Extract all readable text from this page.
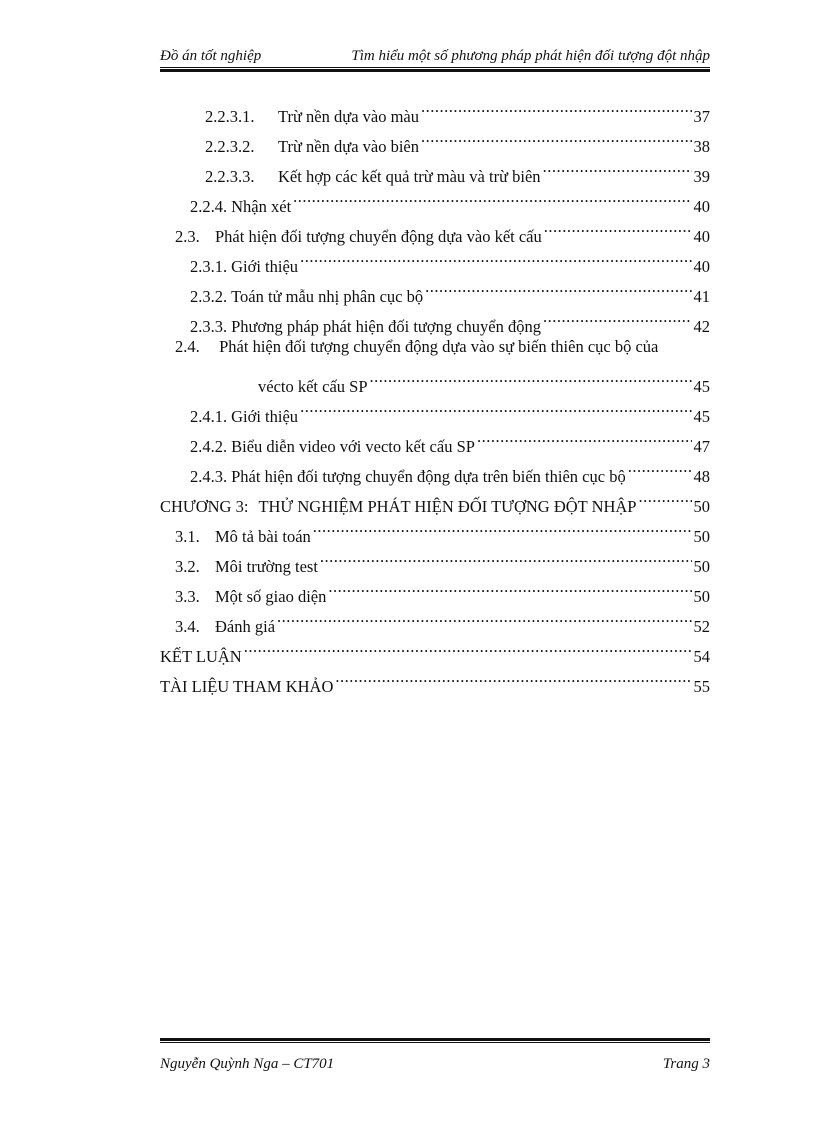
Đồ án tốt nghiệp	Tìm hiểu một số phương pháp phát hiện đối tượng đột nhập
2.2.3.1.	Trừ nền dựa vào màu .....	37
2.2.3.2.	Trừ nền dựa vào biên .....	38
2.2.3.3.	Kết hợp các kết quả trừ màu và trừ biên .....	39
2.2.4. Nhận xét .....	40
2.3. Phát hiện đối tượng chuyển động dựa vào kết cấu .....	40
2.3.1. Giới thiệu .....	40
2.3.2. Toán tử mẫu nhị phân cục bộ .....	41
2.3.3. Phương pháp phát hiện đối tượng chuyển động .....	42
2.4. Phát hiện đối tượng chuyển động dựa vào sự biến thiên cục bộ của
vécto kết cấu SP .....	45
2.4.1. Giới thiệu .....	45
2.4.2. Biểu diễn video với vecto kết cấu SP .....	47
2.4.3. Phát hiện đối tượng chuyển động dựa trên biến thiên cục bộ .....	48
CHƯƠNG 3: THỬ NGHIỆM PHÁT HIỆN ĐỐI TƯỢNG ĐỘT NHẬP .....	50
3.1. Mô tả bài toán .....	50
3.2. Môi trường test .....	50
3.3. Một số giao diện .....	50
3.4. Đánh giá .....	52
KẾT LUẬN .....	54
TÀI LIỆU THAM KHẢO .....	55
Nguyễn Quỳnh Nga – CT701	Trang 3
